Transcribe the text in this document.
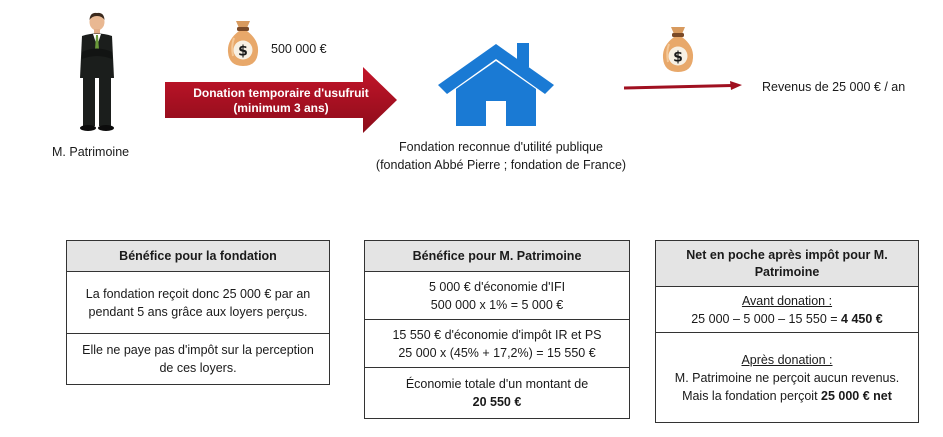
M. Patrimoine
$ 500 000 €
Donation temporaire d'usufruit
(minimum 3 ans)
Fondation reconnue d'utilité publique
(fondation Abbé Pierre ; fondation de France)
$
Revenus de 25 000 € / an
Bénéfice pour la fondation
La fondation reçoit donc 25 000 € par an pendant 5 ans grâce aux loyers perçus.
Elle ne paye pas d'impôt sur la perception de ces loyers.
Bénéfice pour M. Patrimoine
5 000 € d'économie d'IFI
500 000 x 1% = 5 000 €
15 550 € d'économie d'impôt IR et PS
25 000 x (45% + 17,2%) = 15 550 €
Économie totale d'un montant de
20 550 €
Net en poche après impôt pour M. Patrimoine
Avant donation :
25 000 – 5 000 – 15 550 = 4 450 €
Après donation :
M. Patrimoine ne perçoit aucun revenus.
Mais la fondation perçoit 25 000 € net
